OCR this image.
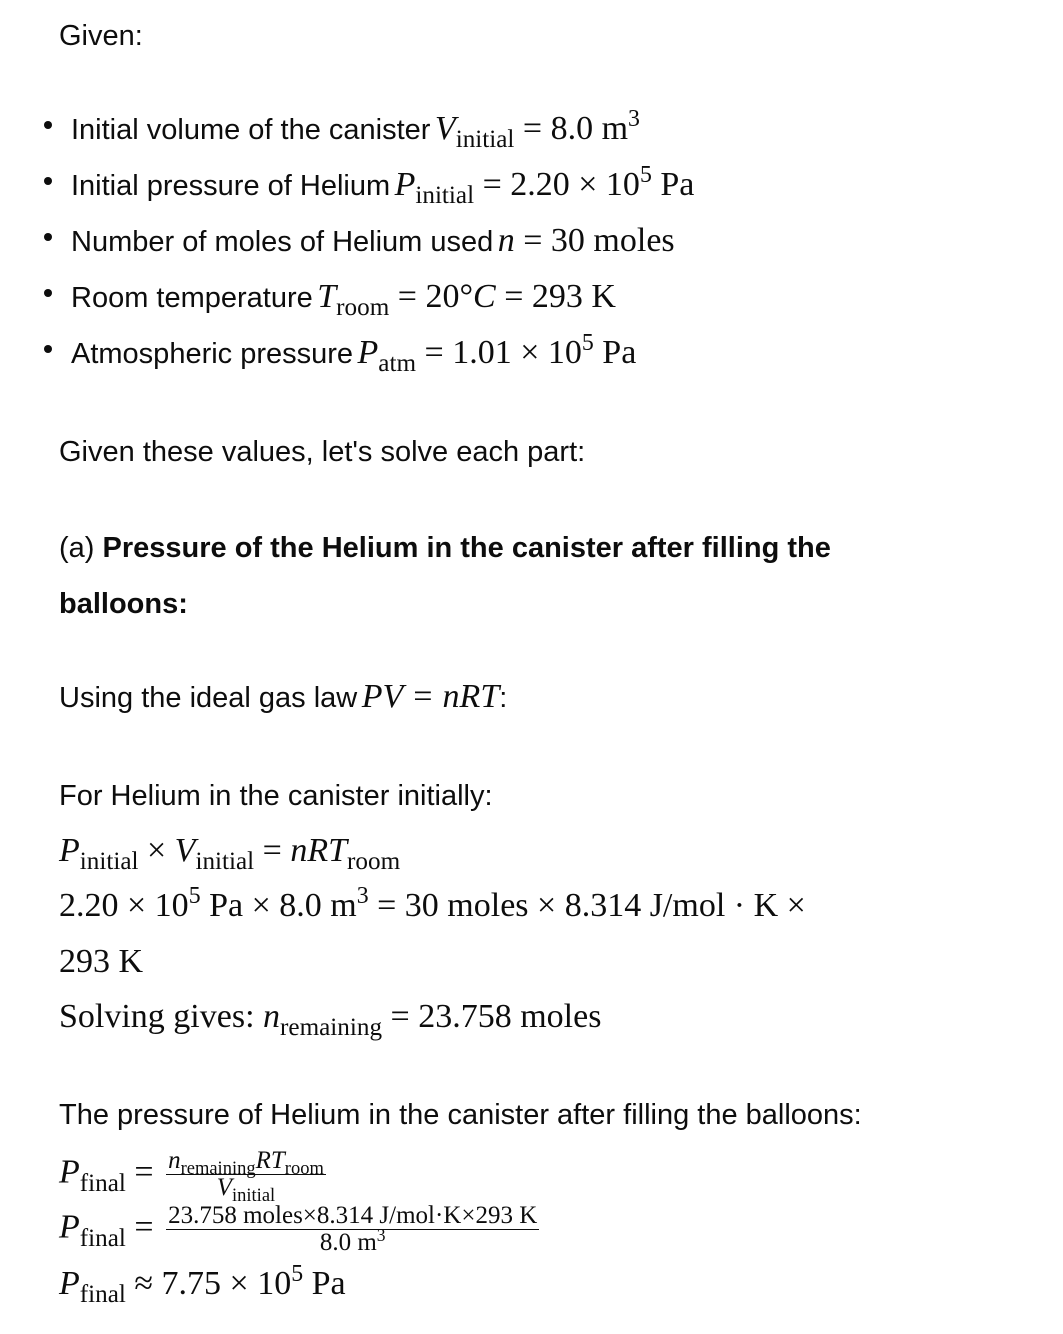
Given:
Initial volume of the canister $V_{initial} = 8.0$ $m^3$
Initial pressure of Helium $P_{initial} = 2.20 \times 10^5$ Pa
Number of moles of Helium used n = 30 moles
Room temperature $T_{room} = 20^\circ C = 293$ K
Atmospheric pressure $P_{atm} = 1.01 \times 10^5$ Pa
Given these values, let's solve each part:
(a) Pressure of the Helium in the canister after filling the
balloons:
Using the ideal gas law PV = nRT:
For Helium in the canister initially:
$P_{initial} \times V_{initial} = nRT_{room}$
$2.20 \times 10^5$ Pa × 8.0 $m^3 = 30$ moles × 8.314 J/mol · K ×
293 K
Solving gives: $n_{remaining} = 23.758$ moles
The pressure of Helium in the canister after filling the balloons:
$P_{final} = \frac{n_{remaining}RT_{room}}{V_{initial}}$
$P_{final} = \frac{\text{23.758 moles×8.314 J/mol·K×293 K}}{8.0 m^3}$
$P_{final} \approx 7.75 \times 10^5$ Pa
